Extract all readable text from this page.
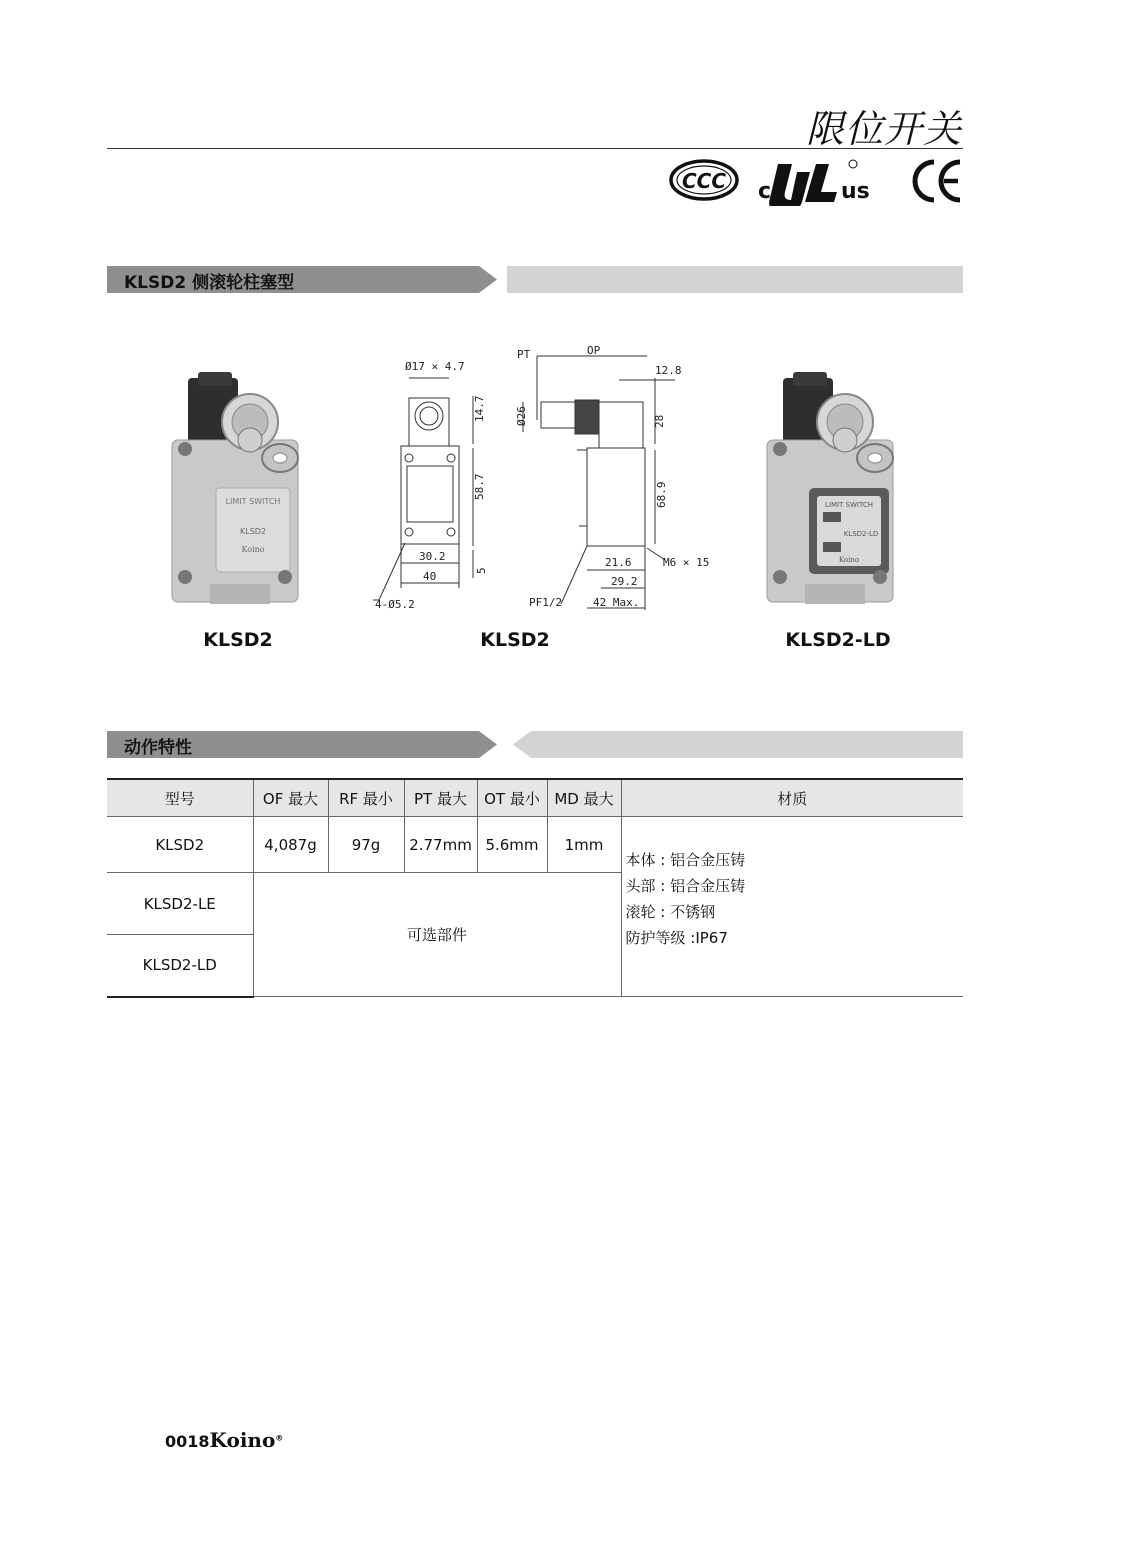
限位开关
CCC c	us
KLSD2 侧滚轮柱塞型
LIMIT SWITCH
KLSD2
Koino
Ø17 × 4.7
14.7
58.7
5
30.2
40
4-Ø5.2
PT	OP
12.8
Ø26	28
68.9
21.6	M6 × 15
29.2
PF1/2	42 Max.
LIMIT SWITCH
KLSD2-LD
Koino
KLSD2	KLSD2	KLSD2-LD
动作特性
型号	OF 最大	RF 最小	PT 最大	OT 最小	MD 最大	材质
KLSD2	4,087g	97g	2.77mm	5.6mm	1mm	本体 : 铝合金压铸
头部 : 铝合金压铸
滚轮 : 不锈钢
防护等级 :IP67

KLSD2-LE	可选部件					
KLSD2-LD						
0018Koino®
